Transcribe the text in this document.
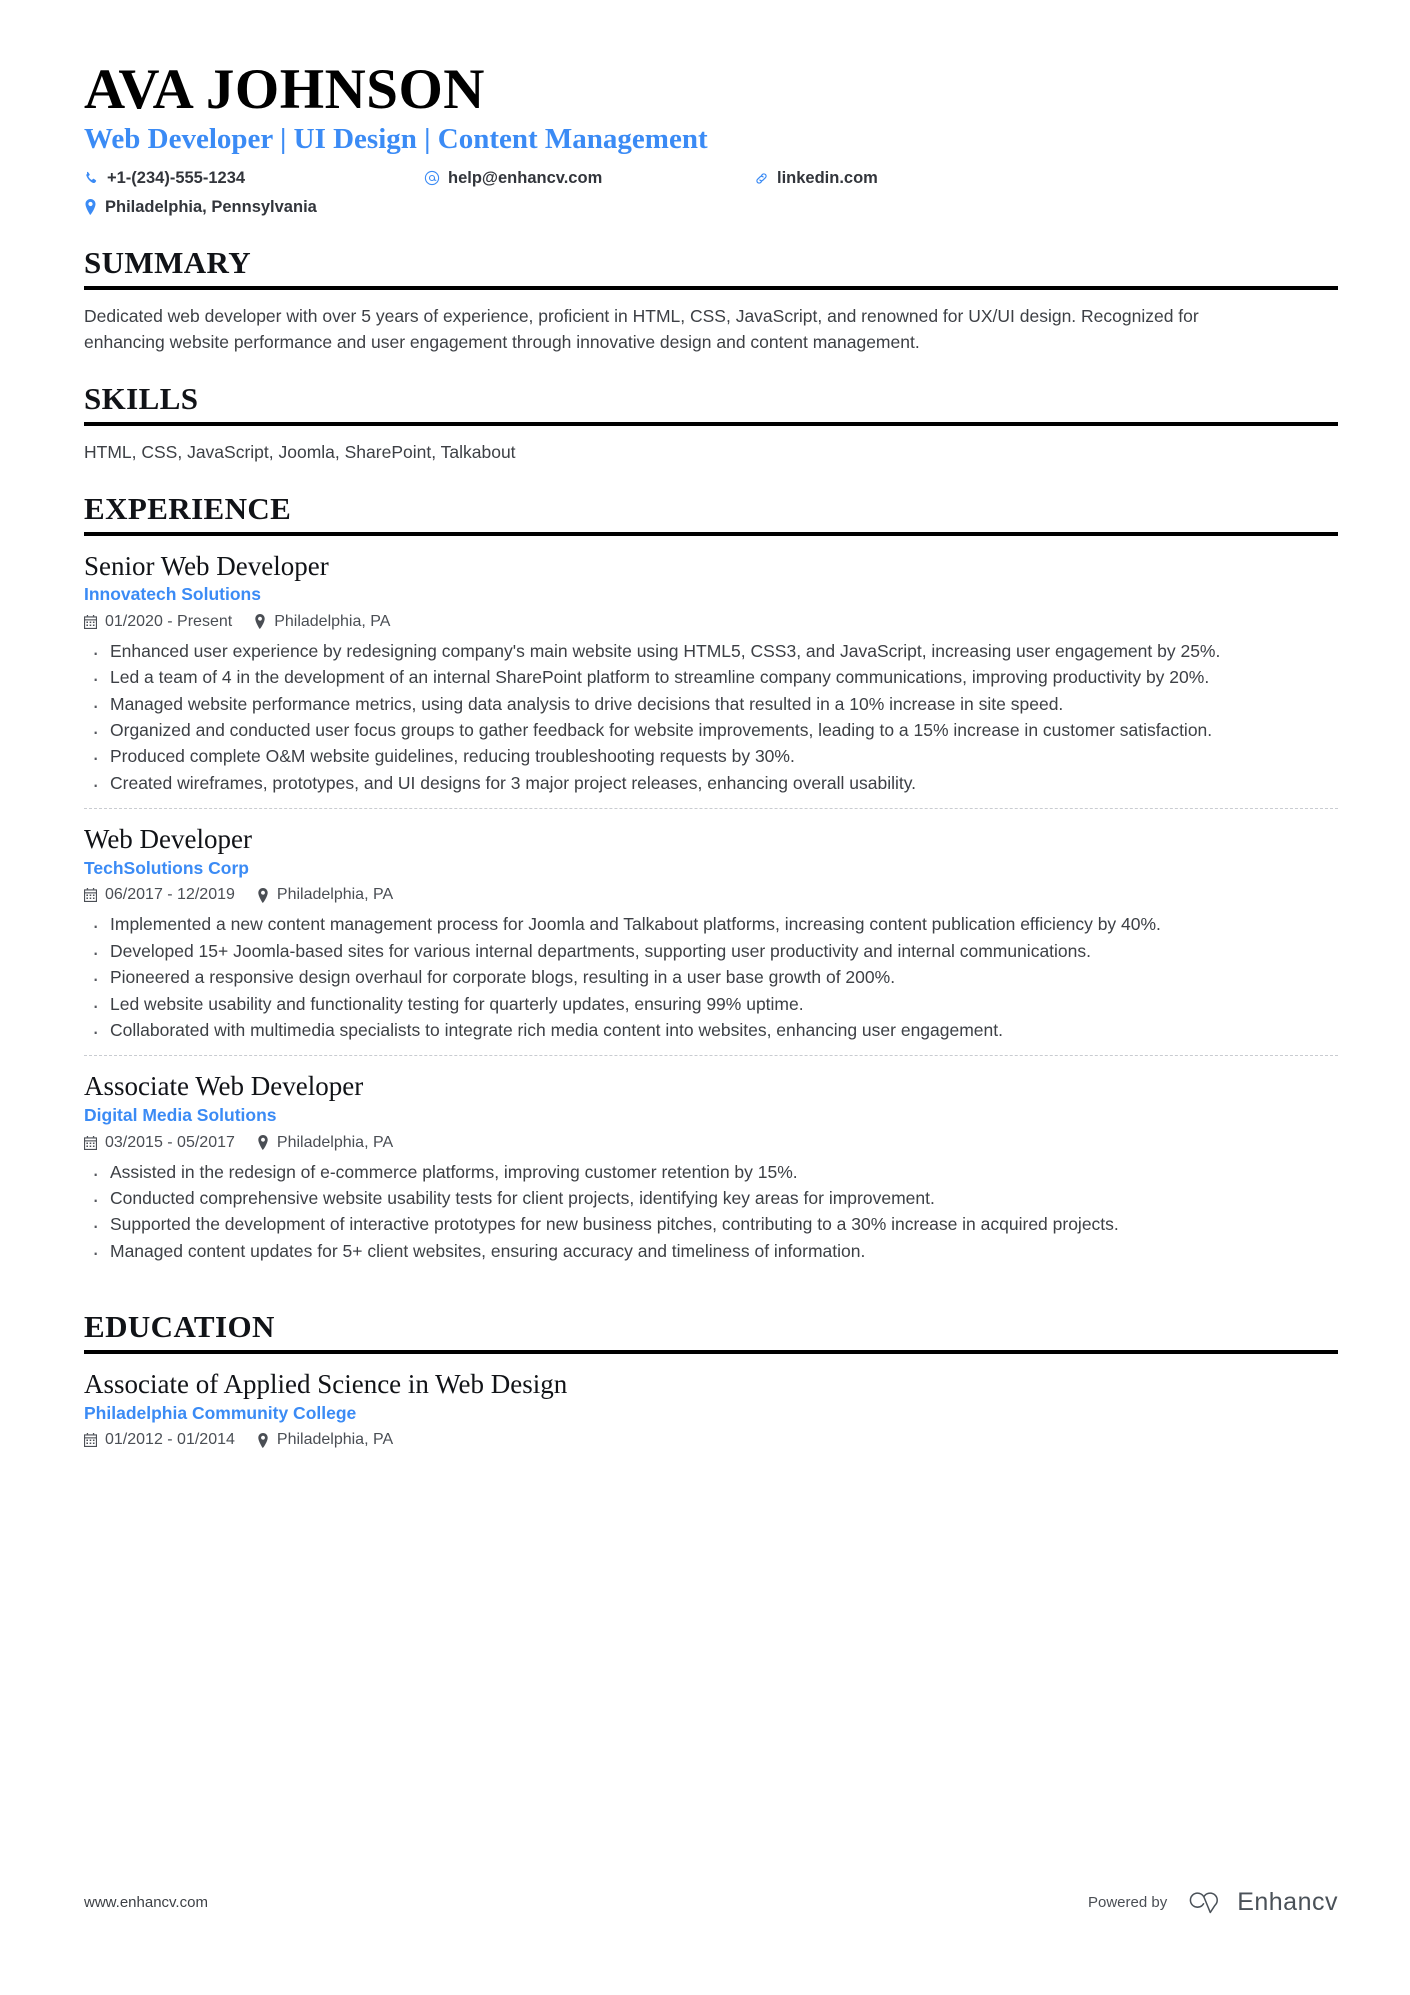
AVA JOHNSON
Web Developer | UI Design | Content Management
+1-(234)-555-1234	help@enhancv.com	linkedin.com
Philadelphia, Pennsylvania
SUMMARY
Dedicated web developer with over 5 years of experience, proficient in HTML, CSS, JavaScript, and renowned for UX/UI design. Recognized for enhancing website performance and user engagement through innovative design and content management.
SKILLS
HTML, CSS, JavaScript, Joomla, SharePoint, Talkabout
EXPERIENCE
Senior Web Developer
Innovatech Solutions
01/2020 - Present	Philadelphia, PA
· Enhanced user experience by redesigning company's main website using HTML5, CSS3, and JavaScript, increasing user engagement by 25%.
· Led a team of 4 in the development of an internal SharePoint platform to streamline company communications, improving productivity by 20%.
· Managed website performance metrics, using data analysis to drive decisions that resulted in a 10% increase in site speed.
· Organized and conducted user focus groups to gather feedback for website improvements, leading to a 15% increase in customer satisfaction.
· Produced complete O&M website guidelines, reducing troubleshooting requests by 30%.
· Created wireframes, prototypes, and UI designs for 3 major project releases, enhancing overall usability.
Web Developer
TechSolutions Corp
06/2017 - 12/2019	Philadelphia, PA
· Implemented a new content management process for Joomla and Talkabout platforms, increasing content publication efficiency by 40%.
· Developed 15+ Joomla-based sites for various internal departments, supporting user productivity and internal communications.
· Pioneered a responsive design overhaul for corporate blogs, resulting in a user base growth of 200%.
· Led website usability and functionality testing for quarterly updates, ensuring 99% uptime.
· Collaborated with multimedia specialists to integrate rich media content into websites, enhancing user engagement.
Associate Web Developer
Digital Media Solutions
03/2015 - 05/2017	Philadelphia, PA
· Assisted in the redesign of e-commerce platforms, improving customer retention by 15%.
· Conducted comprehensive website usability tests for client projects, identifying key areas for improvement.
· Supported the development of interactive prototypes for new business pitches, contributing to a 30% increase in acquired projects.
· Managed content updates for 5+ client websites, ensuring accuracy and timeliness of information.
EDUCATION
Associate of Applied Science in Web Design
Philadelphia Community College
01/2012 - 01/2014	Philadelphia, PA
www.enhancv.com	Powered by	Enhancv
